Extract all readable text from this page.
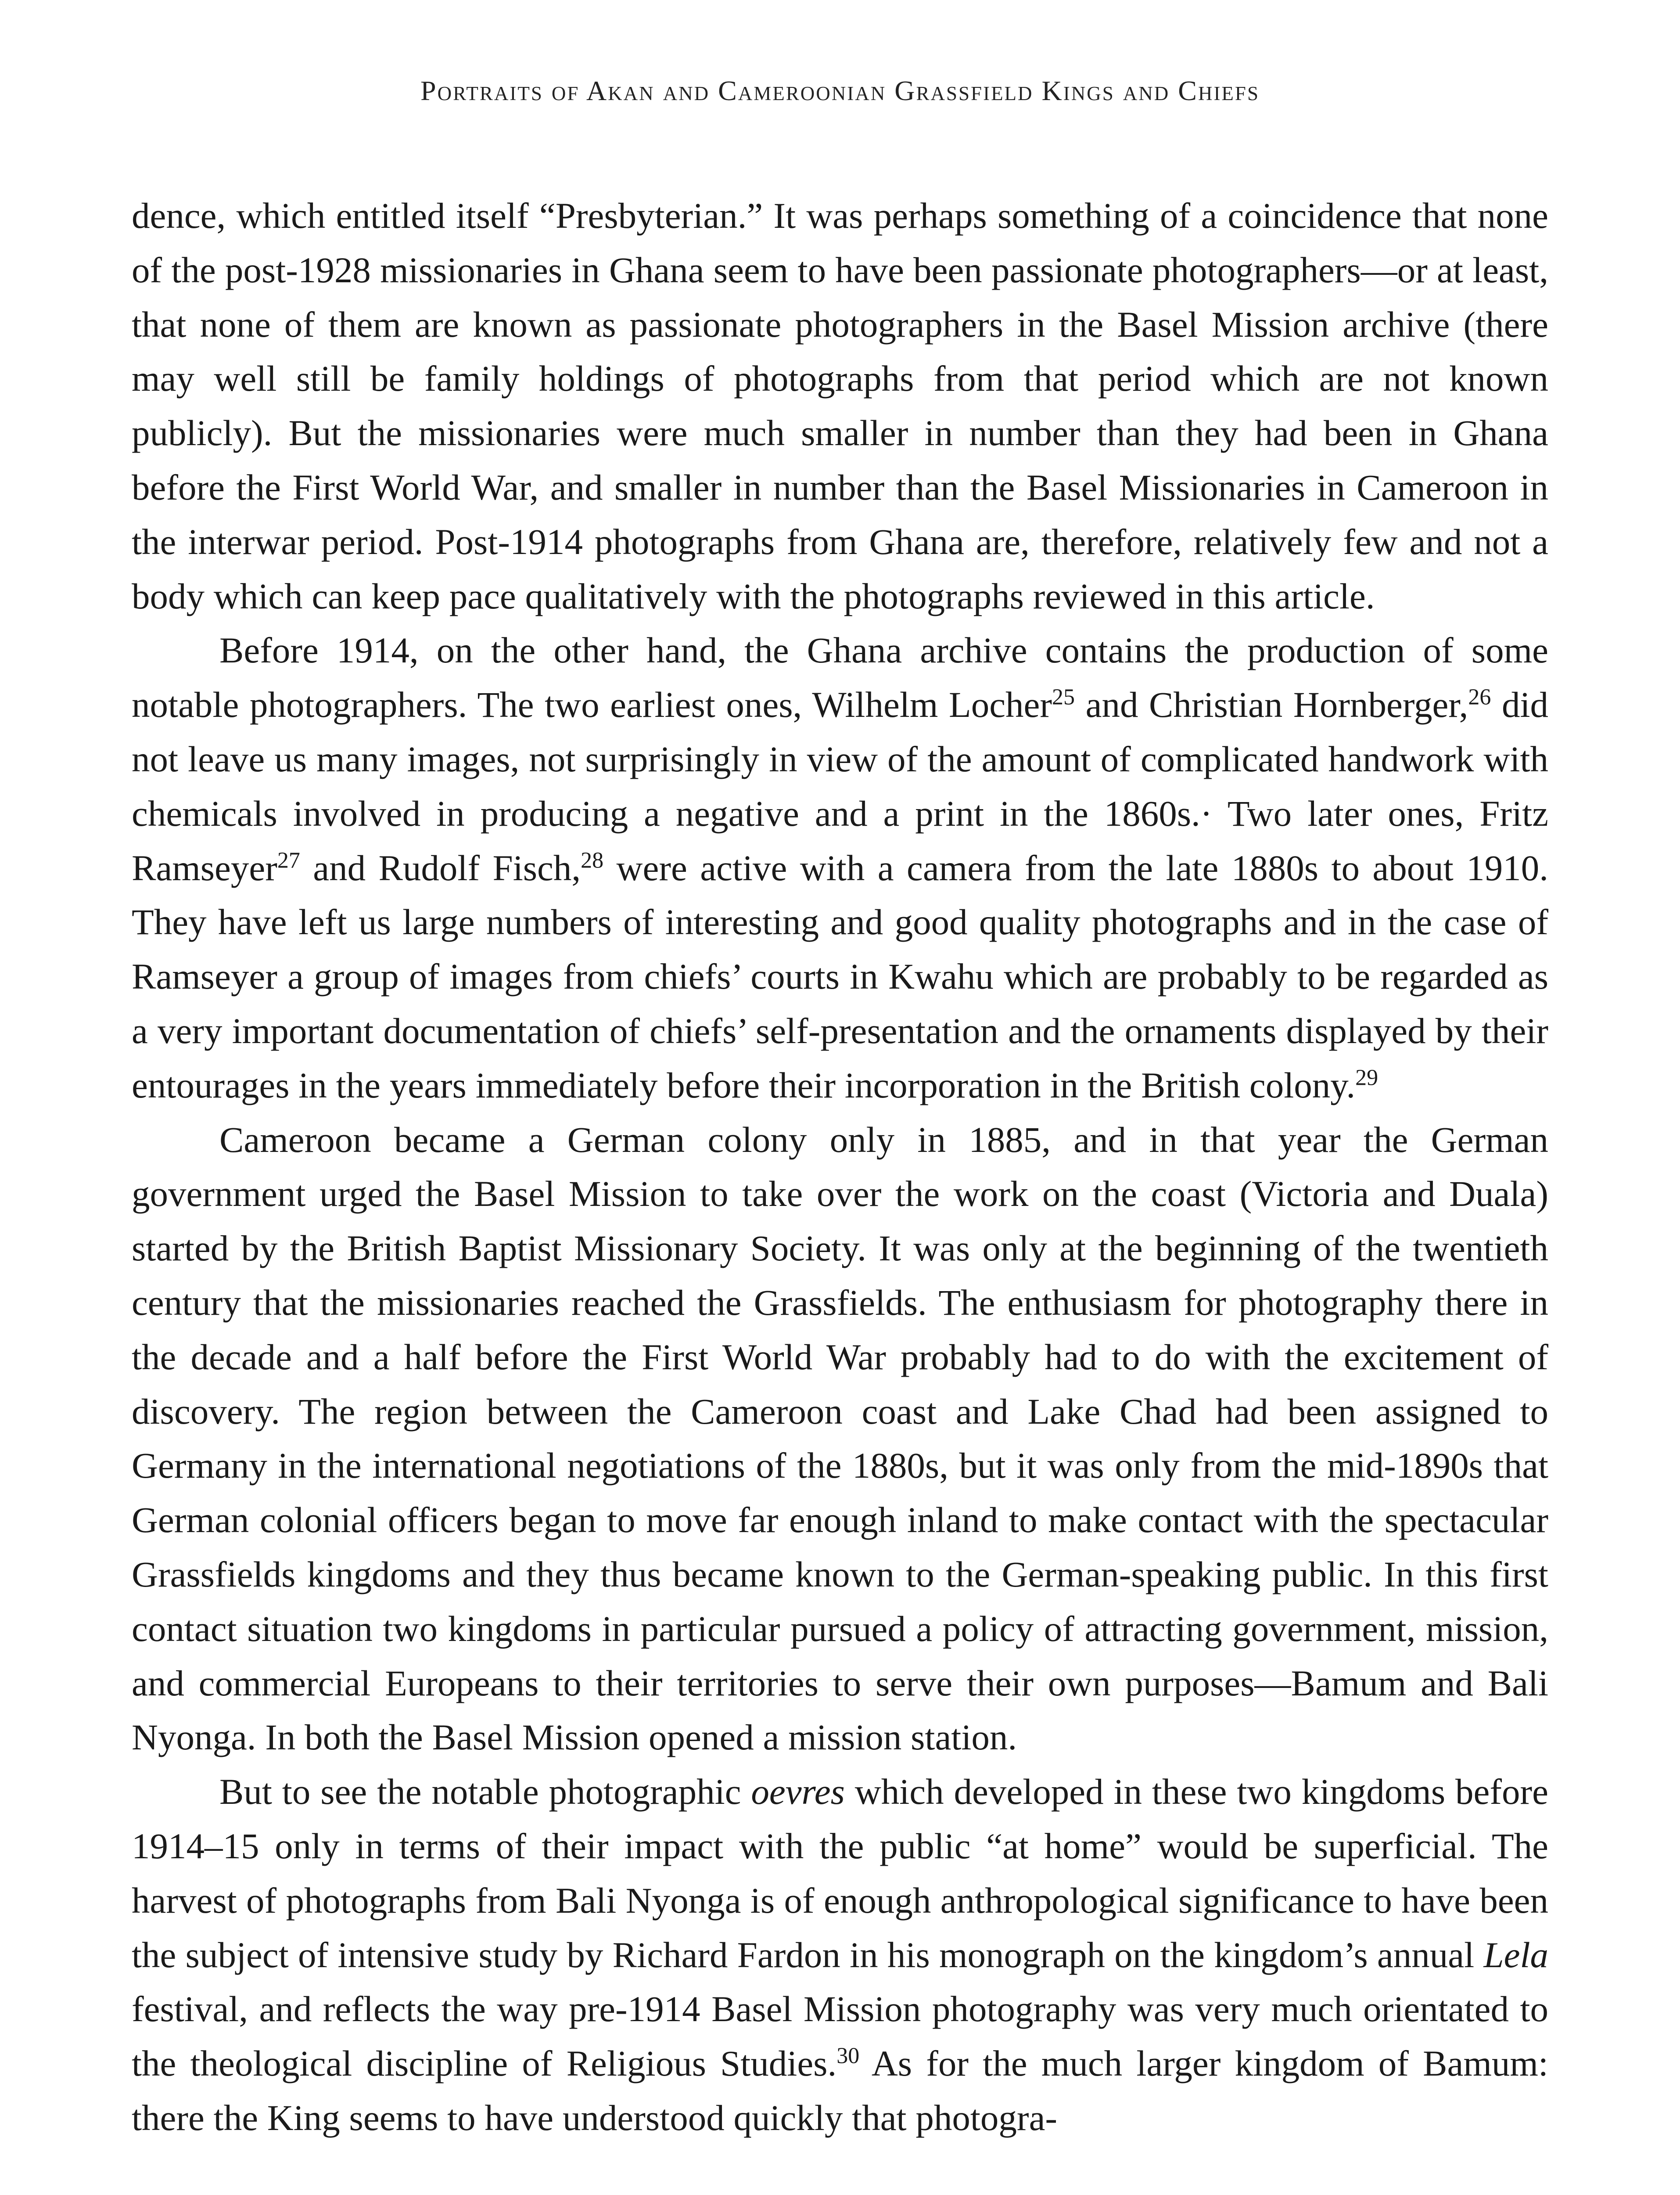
Portraits of Akan and Cameroonian Grassfield Kings and Chiefs

dence, which entitled itself “Presbyterian.” It was perhaps something of a coincidence that none of the post-1928 missionaries in Ghana seem to have been passionate photographers—or at least, that none of them are known as passionate photographers in the Basel Mission archive (there may well still be family holdings of photographs from that period which are not known publicly). But the missionaries were much smaller in number than they had been in Ghana before the First World War, and smaller in number than the Basel Missionaries in Cameroon in the interwar period. Post-1914 photographs from Ghana are, therefore, relatively few and not a body which can keep pace qualitatively with the photographs reviewed in this article.

Before 1914, on the other hand, the Ghana archive contains the production of some notable photographers. The two earliest ones, Wilhelm Locher$^{25}$ and Christian Hornberger,$^{26}$ did not leave us many images, not surprisingly in view of the amount of complicated handwork with chemicals involved in producing a negative and a print in the 1860s.· Two later ones, Fritz Ramseyer$^{27}$ and Rudolf Fisch,$^{28}$ were active with a camera from the late 1880s to about 1910. They have left us large numbers of interesting and good quality photographs and in the case of Ramseyer a group of images from chiefs’ courts in Kwahu which are probably to be regarded as a very important documentation of chiefs’ self-presentation and the ornaments displayed by their entourages in the years immediately before their incorporation in the British colony.$^{29}$

Cameroon became a German colony only in 1885, and in that year the German government urged the Basel Mission to take over the work on the coast (Victoria and Duala) started by the British Baptist Missionary Society. It was only at the beginning of the twentieth century that the missionaries reached the Grassfields. The enthusiasm for photography there in the decade and a half before the First World War probably had to do with the excitement of discovery. The region between the Cameroon coast and Lake Chad had been assigned to Germany in the international negotiations of the 1880s, but it was only from the mid-1890s that German colonial officers began to move far enough inland to make contact with the spectacular Grassfields kingdoms and they thus became known to the German-speaking public. In this first contact situation two kingdoms in particular pursued a policy of attracting government, mission, and commercial Europeans to their territories to serve their own purposes—Bamum and Bali Nyonga. In both the Basel Mission opened a mission station.

But to see the notable photographic oevres which developed in these two kingdoms before 1914–15 only in terms of their impact with the public “at home” would be superficial. The harvest of photographs from Bali Nyonga is of enough anthropological significance to have been the subject of intensive study by Richard Fardon in his monograph on the kingdom’s annual Lela festival, and reflects the way pre-1914 Basel Mission photography was very much orientated to the theological discipline of Religious Studies.$^{30}$ As for the much larger kingdom of Bamum: there the King seems to have understood quickly that photogra-
